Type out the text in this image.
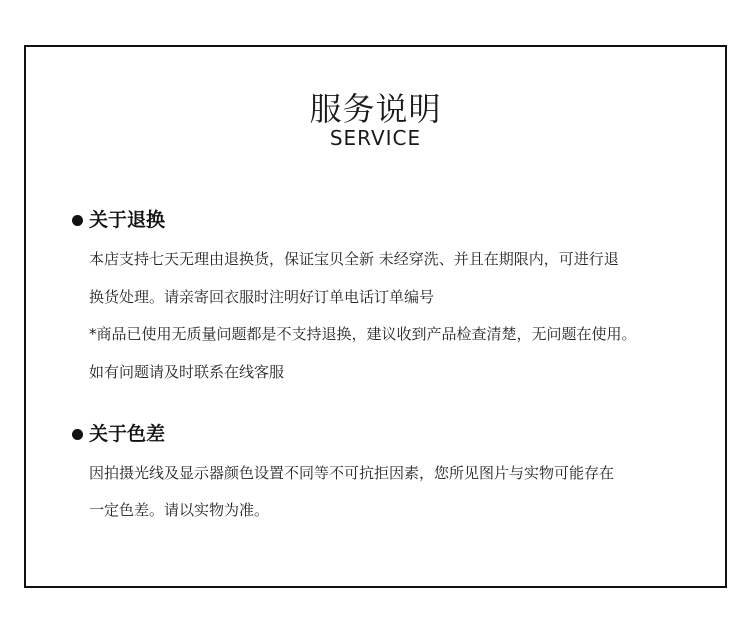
服务说明
SERVICE
关于退换
本店支持七天无理由退换货，保证宝贝全新 未经穿洗、并且在期限内，可进行退
换货处理。请亲寄回衣服时注明好订单电话订单编号
*商品已使用无质量问题都是不支持退换，建议收到产品检查清楚，无问题在使用。
如有问题请及时联系在线客服
关于色差
因拍摄光线及显示器颜色设置不同等不可抗拒因素，您所见图片与实物可能存在
一定色差。请以实物为准。
